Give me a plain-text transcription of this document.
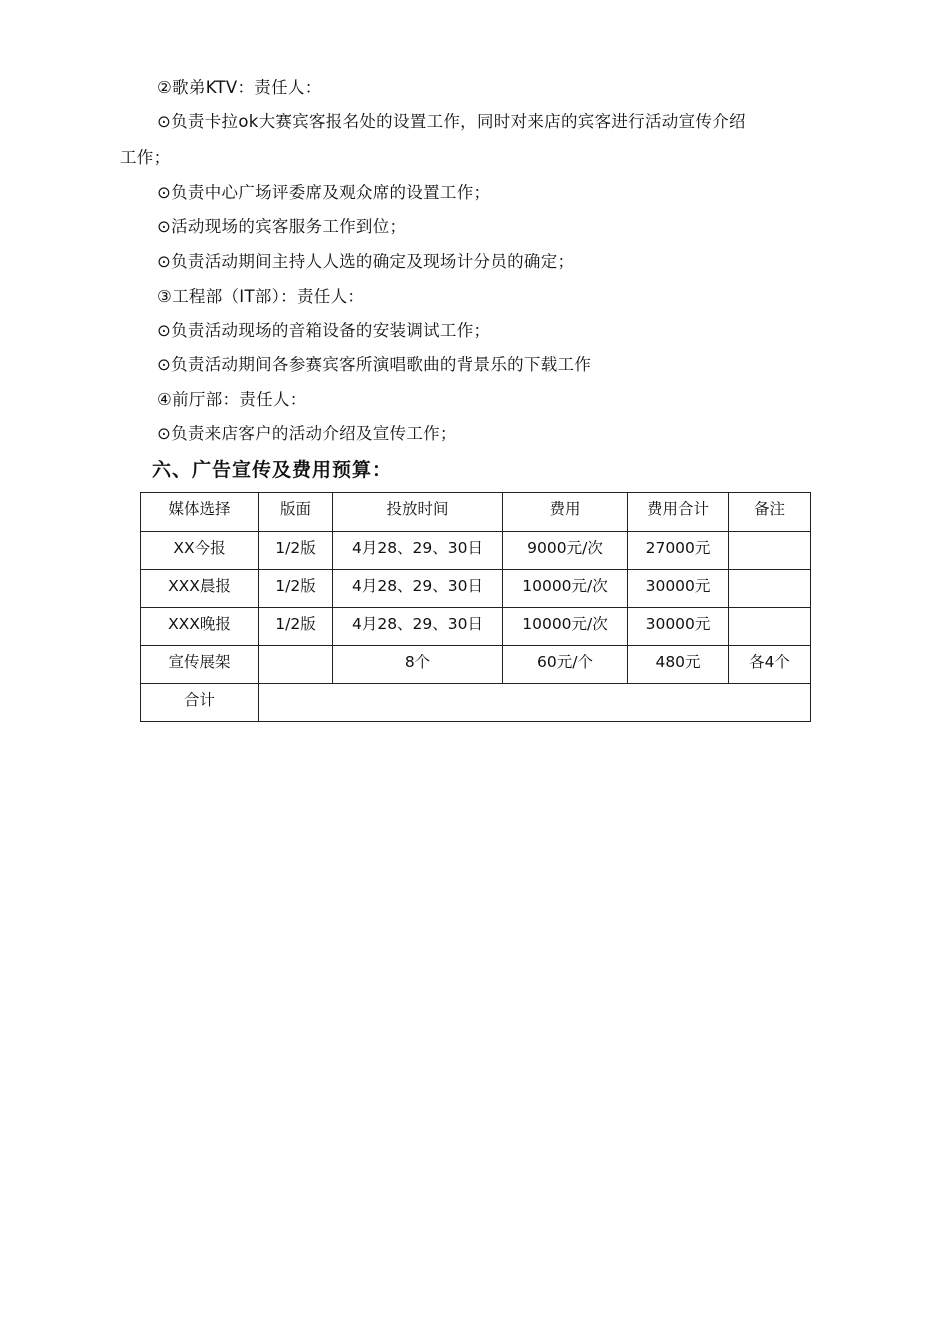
②歌弟KTV：责任人：
⊙负责卡拉ok大赛宾客报名处的设置工作，同时对来店的宾客进行活动宣传介绍
工作；
⊙负责中心广场评委席及观众席的设置工作；
⊙活动现场的宾客服务工作到位；
⊙负责活动期间主持人人选的确定及现场计分员的确定；
③工程部（IT部）：责任人：
⊙负责活动现场的音箱设备的安装调试工作；
⊙负责活动期间各参赛宾客所演唱歌曲的背景乐的下载工作
④前厅部：责任人：
⊙负责来店客户的活动介绍及宣传工作；
六、广告宣传及费用预算：
媒体选择	版面	投放时间	费用	费用合计	备注
XX今报	1/2版	4月28、29、30日	9000元/次	27000元	
XXX晨报	1/2版	4月28、29、30日	10000元/次	30000元	
XXX晚报	1/2版	4月28、29、30日	10000元/次	30000元	
宣传展架		8个	60元/个	480元	各4个
合计					
